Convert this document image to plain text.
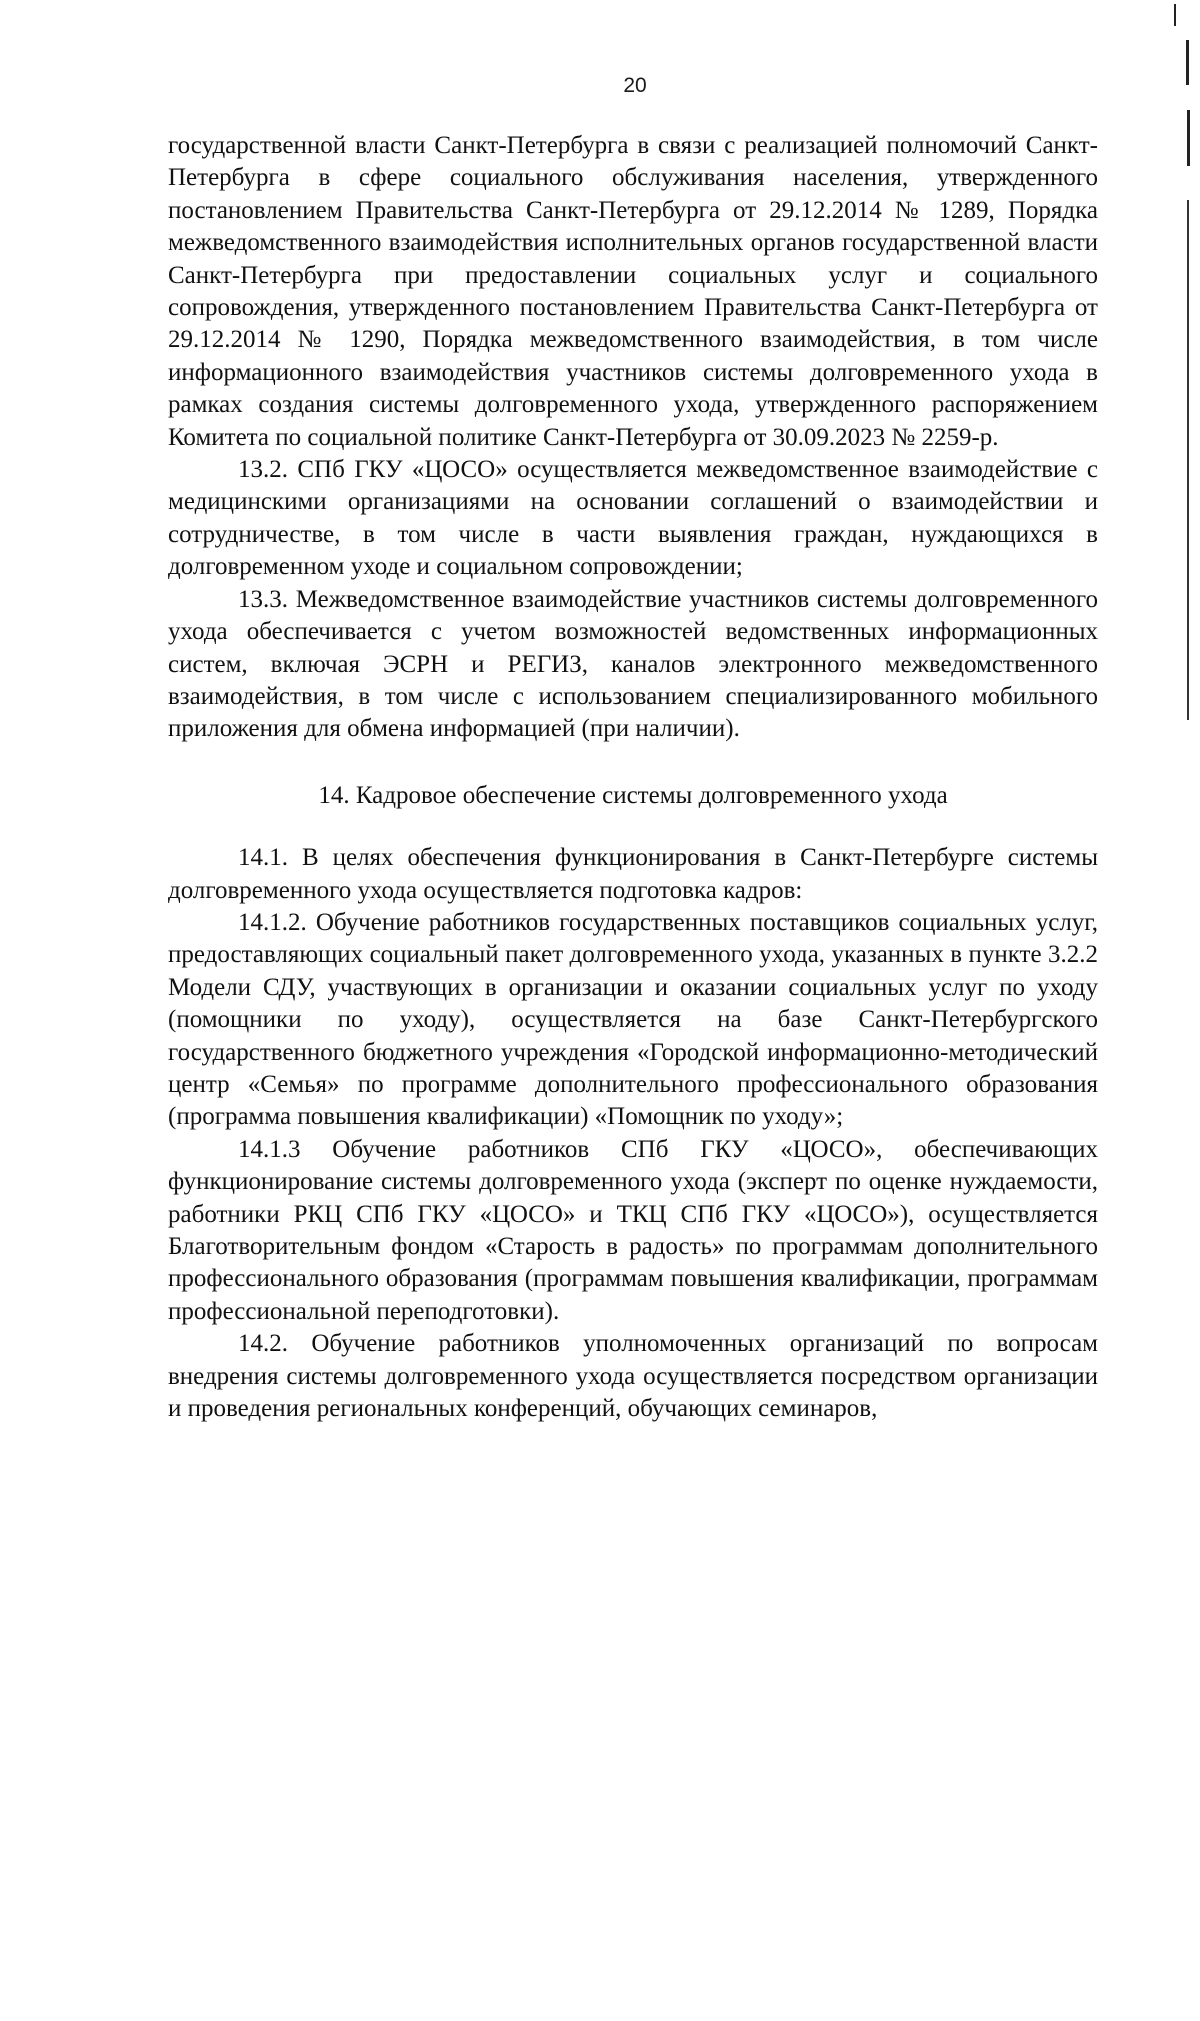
20

государственной власти Санкт-Петербурга в связи с реализацией полномочий Санкт-Петербурга в сфере социального обслуживания населения, утвержденного постановлением Правительства Санкт-Петербурга от 29.12.2014 № 1289, Порядка межведомственного взаимодействия исполнительных органов государственной власти Санкт-Петербурга при предоставлении социальных услуг и социального сопровождения, утвержденного постановлением Правительства Санкт-Петербурга от 29.12.2014 № 1290, Порядка межведомственного взаимодействия, в том числе информационного взаимодействия участников системы долговременного ухода в рамках создания системы долговременного ухода, утвержденного распоряжением Комитета по социальной политике Санкт-Петербурга от 30.09.2023 № 2259-р.

13.2. СПб ГКУ «ЦОСО» осуществляется межведомственное взаимодействие с медицинскими организациями на основании соглашений о взаимодействии и сотрудничестве, в том числе в части выявления граждан, нуждающихся в долговременном уходе и социальном сопровождении;

13.3. Межведомственное взаимодействие участников системы долговременного ухода обеспечивается с учетом возможностей ведомственных информационных систем, включая ЭСРН и РЕГИЗ, каналов электронного межведомственного взаимодействия, в том числе с использованием специализированного мобильного приложения для обмена информацией (при наличии).

14. Кадровое обеспечение системы долговременного ухода

14.1. В целях обеспечения функционирования в Санкт-Петербурге системы долговременного ухода осуществляется подготовка кадров:

14.1.2. Обучение работников государственных поставщиков социальных услуг, предоставляющих социальный пакет долговременного ухода, указанных в пункте 3.2.2 Модели СДУ, участвующих в организации и оказании социальных услуг по уходу (помощники по уходу), осуществляется на базе Санкт-Петербургского государственного бюджетного учреждения «Городской информационно-методический центр «Семья» по программе дополнительного профессионального образования (программа повышения квалификации) «Помощник по уходу»;

14.1.3 Обучение работников СПб ГКУ «ЦОСО», обеспечивающих функционирование системы долговременного ухода (эксперт по оценке нуждаемости, работники РКЦ СПб ГКУ «ЦОСО» и ТКЦ СПб ГКУ «ЦОСО»), осуществляется Благотворительным фондом «Старость в радость» по программам дополнительного профессионального образования (программам повышения квалификации, программам профессиональной переподготовки).

14.2. Обучение работников уполномоченных организаций по вопросам внедрения системы долговременного ухода осуществляется посредством организации и проведения региональных конференций, обучающих семинаров,
